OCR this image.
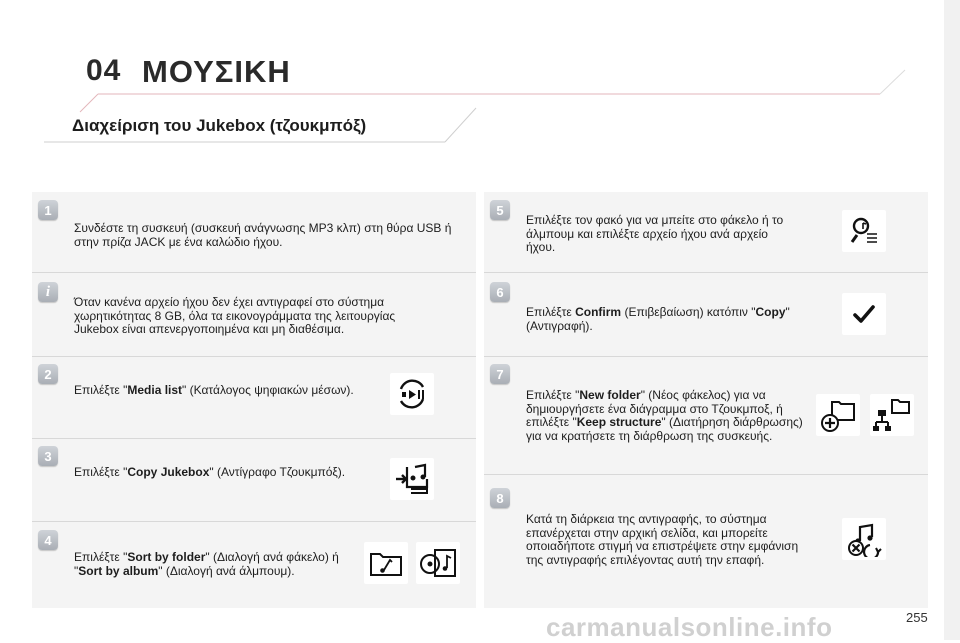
04 ΜΟΥΣΙΚΗ
Διαχείριση του Jukebox (τζουκμπόξ)
1
Συνδέστε τη συσκευή (συσκευή ανάγνωσης MP3 κλπ) στη θύρα USB ή στην πρίζα JACK με ένα καλώδιο ήχου.
i
Όταν κανένα αρχείο ήχου δεν έχει αντιγραφεί στο σύστημα χωρητικότητας 8 GB, όλα τα εικονογράμματα της λειτουργίας Jukebox είναι απενεργοποιημένα και μη διαθέσιμα.
2
Επιλέξτε "Media list" (Κατάλογος ψηφιακών μέσων).
3
Επιλέξτε "Copy Jukebox" (Αντίγραφο Τζουκμπόξ).
4
Επιλέξτε "Sort by folder" (Διαλογή ανά φάκελο) ή "Sort by album" (Διαλογή ανά άλμπουμ).
5
Επιλέξτε τον φακό για να μπείτε στο φάκελο ή το άλμπουμ και επιλέξτε αρχείο ήχου ανά αρχείο ήχου.
6
Επιλέξτε Confirm (Επιβεβαίωση) κατόπιν "Copy" (Αντιγραφή).
7
Επιλέξτε "New folder" (Νέος φάκελος) για να δημιουργήσετε ένα διάγραμμα στο Τζουκμποξ, ή επιλέξτε "Keep structure" (Διατήρηση διάρθρωσης) για να κρατήσετε τη διάρθρωση της συσκευής.
8
Κατά τη διάρκεια της αντιγραφής, το σύστημα επανέρχεται στην αρχική σελίδα, και μπορείτε οποιαδήποτε στιγμή να επιστρέψετε στην εμφάνιση της αντιγραφής επιλέγοντας αυτή την επαφή.
carmanualsonline.info	255
